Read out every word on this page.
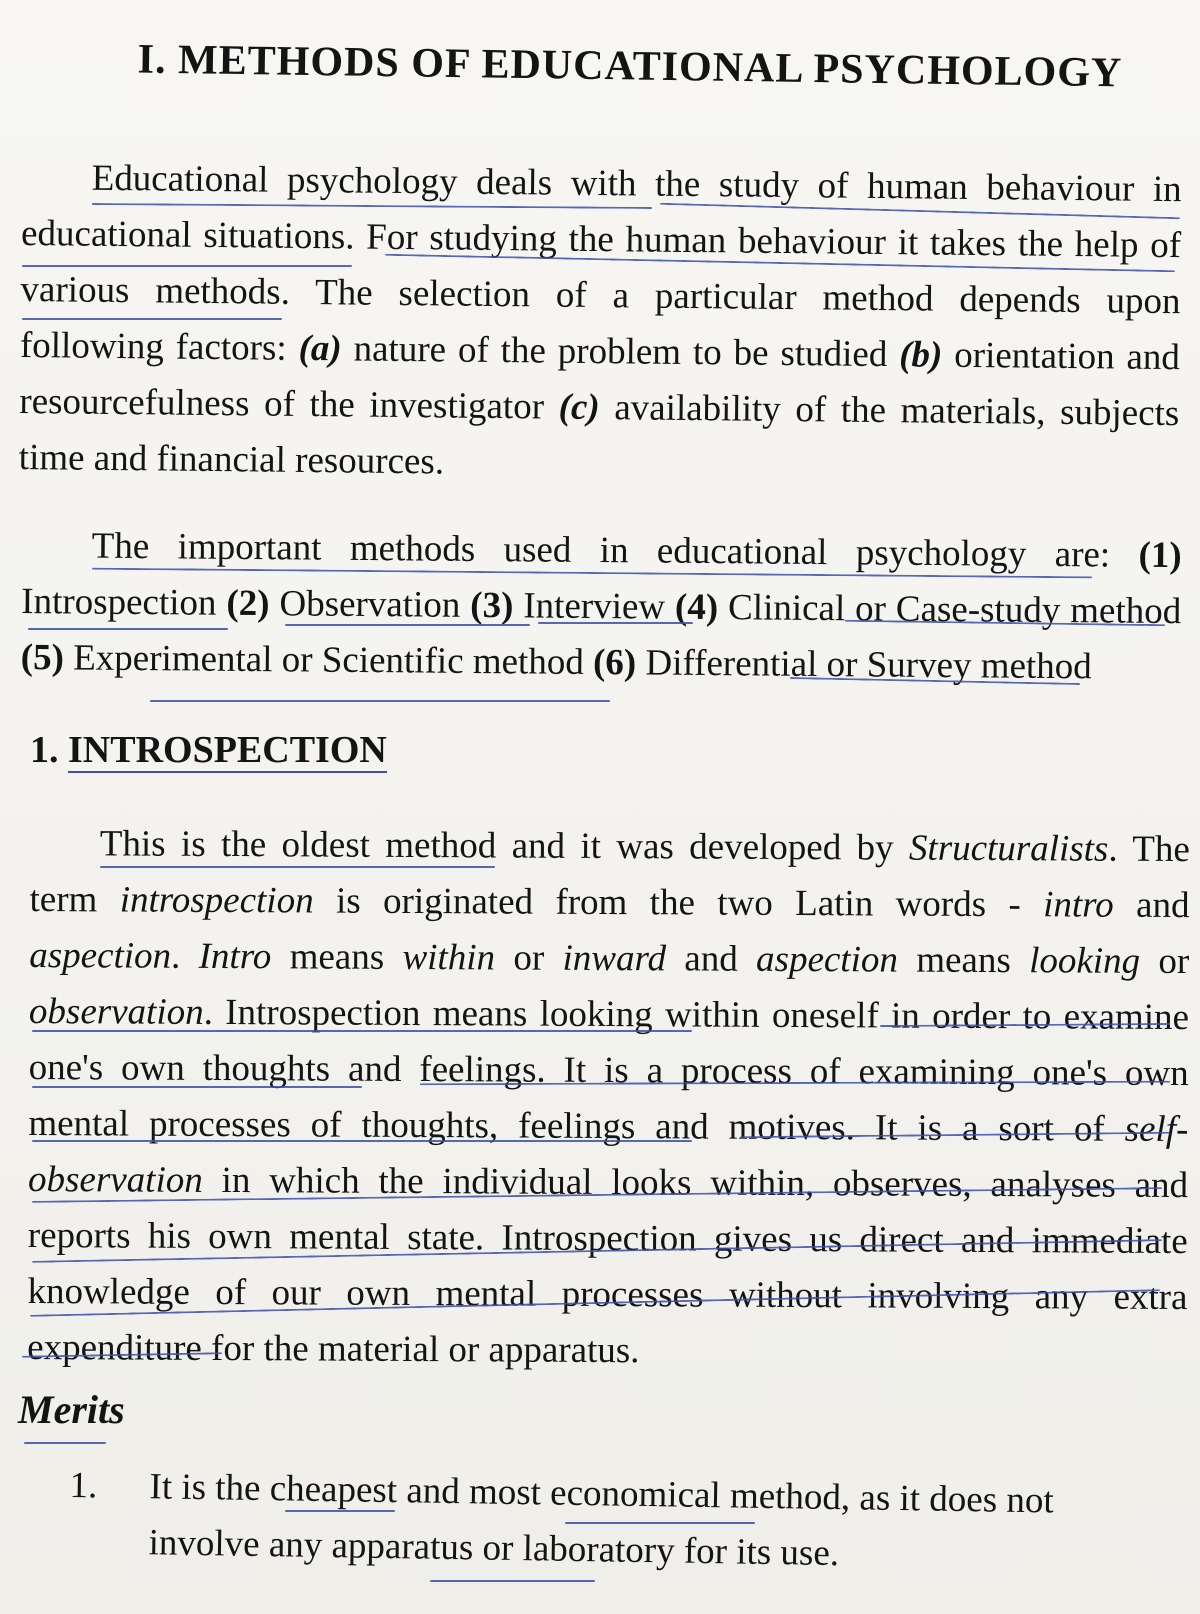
I. METHODS OF EDUCATIONAL PSYCHOLOGY

Educational psychology deals with the study of human behaviour in educational situations. For studying the human behaviour it takes the help of various methods. The selection of a particular method depends upon following factors: (a) nature of the problem to be studied (b) orientation and resourcefulness of the investigator (c) availability of the materials, subjects time and financial resources.

The important methods used in educational psychology are: (1) Introspection (2) Observation (3) Interview (4) Clinical or Case-study method (5) Experimental or Scientific method (6) Differential or Survey method

1. INTROSPECTION

This is the oldest method and it was developed by Structuralists. The term introspection is originated from the two Latin words - intro and aspection. Intro means within or inward and aspection means looking or observation. Introspection means looking within oneself in order to examine one's own thoughts and feelings. It is a process of examining one's own mental processes of thoughts, feelings and motives. It is a sort of self-observation in which the individual looks within, observes, analyses and reports his own mental state. Introspection gives us direct and immediate knowledge of our own mental processes without involving any extra expenditure for the material or apparatus.

Merits
1.	It is the cheapest and most economical method, as it does not involve any apparatus or laboratory for its use.
